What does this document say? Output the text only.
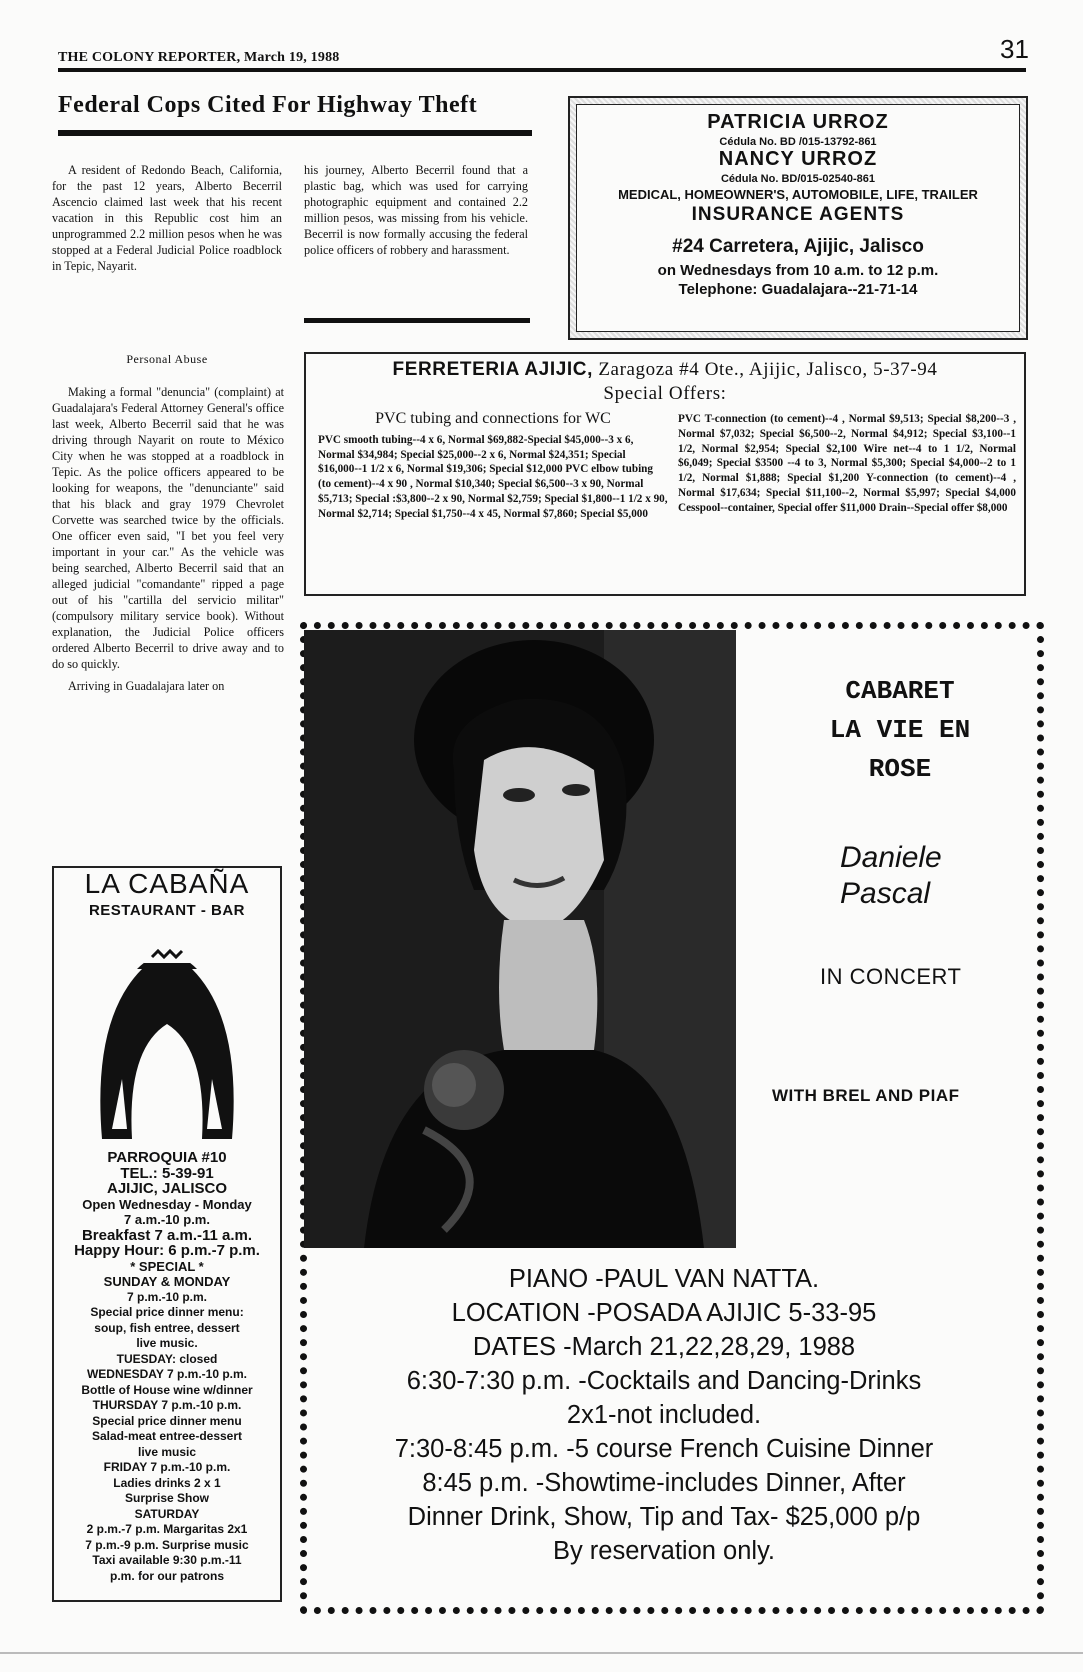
THE COLONY REPORTER, March 19, 1988	31
Federal Cops Cited For Highway Theft

A resident of Redondo Beach, California, for the past 12 years, Alberto Becerril Ascencio claimed last week that his recent vacation in this Republic cost him an unprogrammed 2.2 million pesos when he was stopped at a Federal Judicial Police roadblock in Tepic, Nayarit.

his journey, Alberto Becerril found that a plastic bag, which was used for carrying photographic equipment and contained 2.2 million pesos, was missing from his vehicle. Becerril is now formally accusing the federal police officers of robbery and harassment.

Personal Abuse

Making a formal "denuncia" (complaint) at Guadalajara's Federal Attorney General's office last week, Alberto Becerril said that he was driving through Nayarit on route to México City when he was stopped at a roadblock in Tepic. As the police officers appeared to be looking for weapons, the "denunciante" said that his black and gray 1979 Chevrolet Corvette was searched twice by the officials. One officer even said, "I bet you feel very important in your car." As the vehicle was being searched, Alberto Becerril said that an alleged judicial "comandante" ripped a page out of his "cartilla del servicio militar" (compulsory military service book). Without explanation, the Judicial Police officers ordered Alberto Becerril to drive away and to do so quickly.

Arriving in Guadalajara later on

PATRICIA URROZ
Cédula No. BD /015-13792-861
NANCY URROZ
Cédula No. BD/015-02540-861
MEDICAL, HOMEOWNER'S, AUTOMOBILE, LIFE, TRAILER
INSURANCE AGENTS
#24 Carretera, Ajijic, Jalisco
on Wednesdays from 10 a.m. to 12 p.m.
Telephone: Guadalajara--21-71-14
FERRETERIA AJIJIC, Zaragoza #4 Ote., Ajijic, Jalisco, 5-37-94
Special Offers:
PVC tubing and connections for WC
PVC smooth tubing--4 x 6, Normal $69,882-Special $45,000--3 x 6, Normal $34,984; Special $25,000--2 x 6, Normal $24,351; Special $16,000--1 1/2 x 6, Normal $19,306; Special $12,000 PVC elbow tubing (to cement)--4 x 90 , Normal $10,340; Special $6,500--3 x 90, Normal $5,713; Special :$3,800--2 x 90, Normal $2,759; Special $1,800--1 1/2 x 90, Normal $2,714; Special $1,750--4 x 45, Normal $7,860; Special $5,000
PVC T-connection (to cement)--4 , Normal $9,513; Special $8,200--3 , Normal $7,032; Special $6,500--2, Normal $4,912; Special $3,100--1 1/2, Normal $2,954; Special $2,100 Wire net--4 to 1 1/2, Normal $6,049; Special $3500 --4 to 3, Normal $5,300; Special $4,000--2 to 1 1/2, Normal $1,888; Special $1,200 Y-connection (to cement)--4 , Normal $17,634; Special $11,100--2, Normal $5,997; Special $4,000 Cesspool--container, Special offer $11,000 Drain--Special offer $8,000
CABARET
LA VIE EN
ROSE
Daniele
Pascal
IN CONCERT
WITH BREL AND PIAF
PIANO -PAUL VAN NATTA.
LOCATION -POSADA AJIJIC 5-33-95
DATES -March 21,22,28,29, 1988
6:30-7:30 p.m. -Cocktails and Dancing-Drinks
2x1-not included.
7:30-8:45 p.m. -5 course French Cuisine Dinner
8:45 p.m. -Showtime-includes Dinner, After
Dinner Drink, Show, Tip and Tax- $25,000 p/p
By reservation only.
LA CABAÑA
RESTAURANT - BAR
PARROQUIA #10
TEL.: 5-39-91
AJIJIC, JALISCO
Open Wednesday - Monday
7 a.m.-10 p.m.
Breakfast 7 a.m.-11 a.m.
Happy Hour: 6 p.m.-7 p.m.
* SPECIAL *
SUNDAY & MONDAY
7 p.m.-10 p.m.
Special price dinner menu:
soup, fish entree, dessert
live music.
TUESDAY: closed
WEDNESDAY 7 p.m.-10 p.m.
Bottle of House wine w/dinner
THURSDAY 7 p.m.-10 p.m.
Special price dinner menu
Salad-meat entree-dessert
live music
FRIDAY 7 p.m.-10 p.m.
Ladies drinks 2 x 1
Surprise Show
SATURDAY
2 p.m.-7 p.m. Margaritas 2x1
7 p.m.-9 p.m. Surprise music
Taxi available 9:30 p.m.-11
p.m. for our patrons
